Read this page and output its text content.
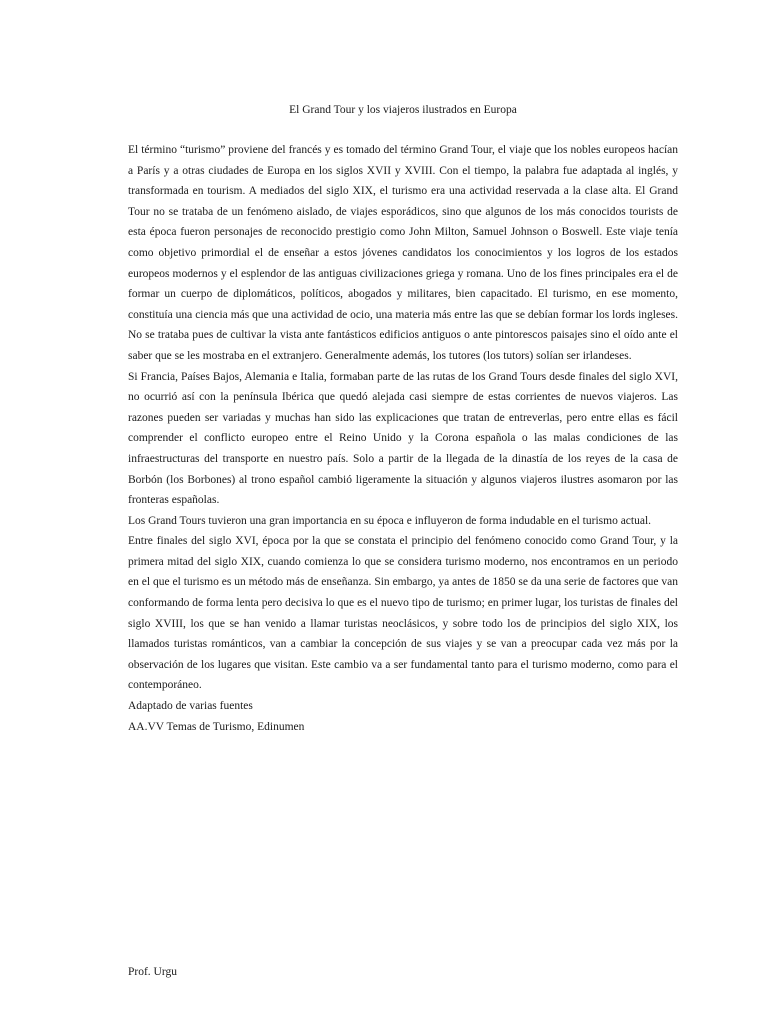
El Grand Tour y los viajeros ilustrados en Europa

El término “turismo” proviene del francés y es tomado del término Grand Tour, el viaje que los nobles europeos hacían a París y a otras ciudades de Europa en los siglos XVII y XVIII. Con el tiempo, la palabra fue adaptada al inglés, y transformada en tourism. A mediados del siglo XIX, el turismo era una actividad reservada a la clase alta. El Grand Tour no se trataba de un fenómeno aislado, de viajes esporádicos, sino que algunos de los más conocidos tourists de esta época fueron personajes de reconocido prestigio como John Milton, Samuel Johnson o Boswell. Este viaje tenía como objetivo primordial el de enseñar a estos jóvenes candidatos los conocimientos y los logros de los estados europeos modernos y el esplendor de las antiguas civilizaciones griega y romana. Uno de los fines principales era el de formar un cuerpo de diplomáticos, políticos, abogados y militares, bien capacitado. El turismo, en ese momento, constituía una ciencia más que una actividad de ocio, una materia más entre las que se debían formar los lords ingleses. No se trataba pues de cultivar la vista ante fantásticos edificios antiguos o ante pintorescos paisajes sino el oído ante el saber que se les mostraba en el extranjero. Generalmente además, los tutores (los tutors) solían ser irlandeses.

Si Francia, Países Bajos, Alemania e Italia, formaban parte de las rutas de los Grand Tours desde finales del siglo XVI, no ocurrió así con la península Ibérica que quedó alejada casi siempre de estas corrientes de nuevos viajeros. Las razones pueden ser variadas y muchas han sido las explicaciones que tratan de entreverlas, pero entre ellas es fácil comprender el conflicto europeo entre el Reino Unido y la Corona española o las malas condiciones de las infraestructuras del transporte en nuestro país. Solo a partir de la llegada de la dinastía de los reyes de la casa de Borbón (los Borbones) al trono español cambió ligeramente la situación y algunos viajeros ilustres asomaron por las fronteras españolas.

Los Grand Tours tuvieron una gran importancia en su época e influyeron de forma indudable en el turismo actual.

Entre finales del siglo XVI, época por la que se constata el principio del fenómeno conocido como Grand Tour, y la primera mitad del siglo XIX, cuando comienza lo que se considera turismo moderno, nos encontramos en un periodo en el que el turismo es un método más de enseñanza. Sin embargo, ya antes de 1850 se da una serie de factores que van conformando de forma lenta pero decisiva lo que es el nuevo tipo de turismo; en primer lugar, los turistas de finales del siglo XVIII, los que se han venido a llamar turistas neoclásicos, y sobre todo los de principios del siglo XIX, los llamados turistas románticos, van a cambiar la concepción de sus viajes y se van a preocupar cada vez más por la observación de los lugares que visitan. Este cambio va a ser fundamental tanto para el turismo moderno, como para el contemporáneo.

Adaptado de varias fuentes

AA.VV Temas de Turismo, Edinumen

Prof. Urgu
